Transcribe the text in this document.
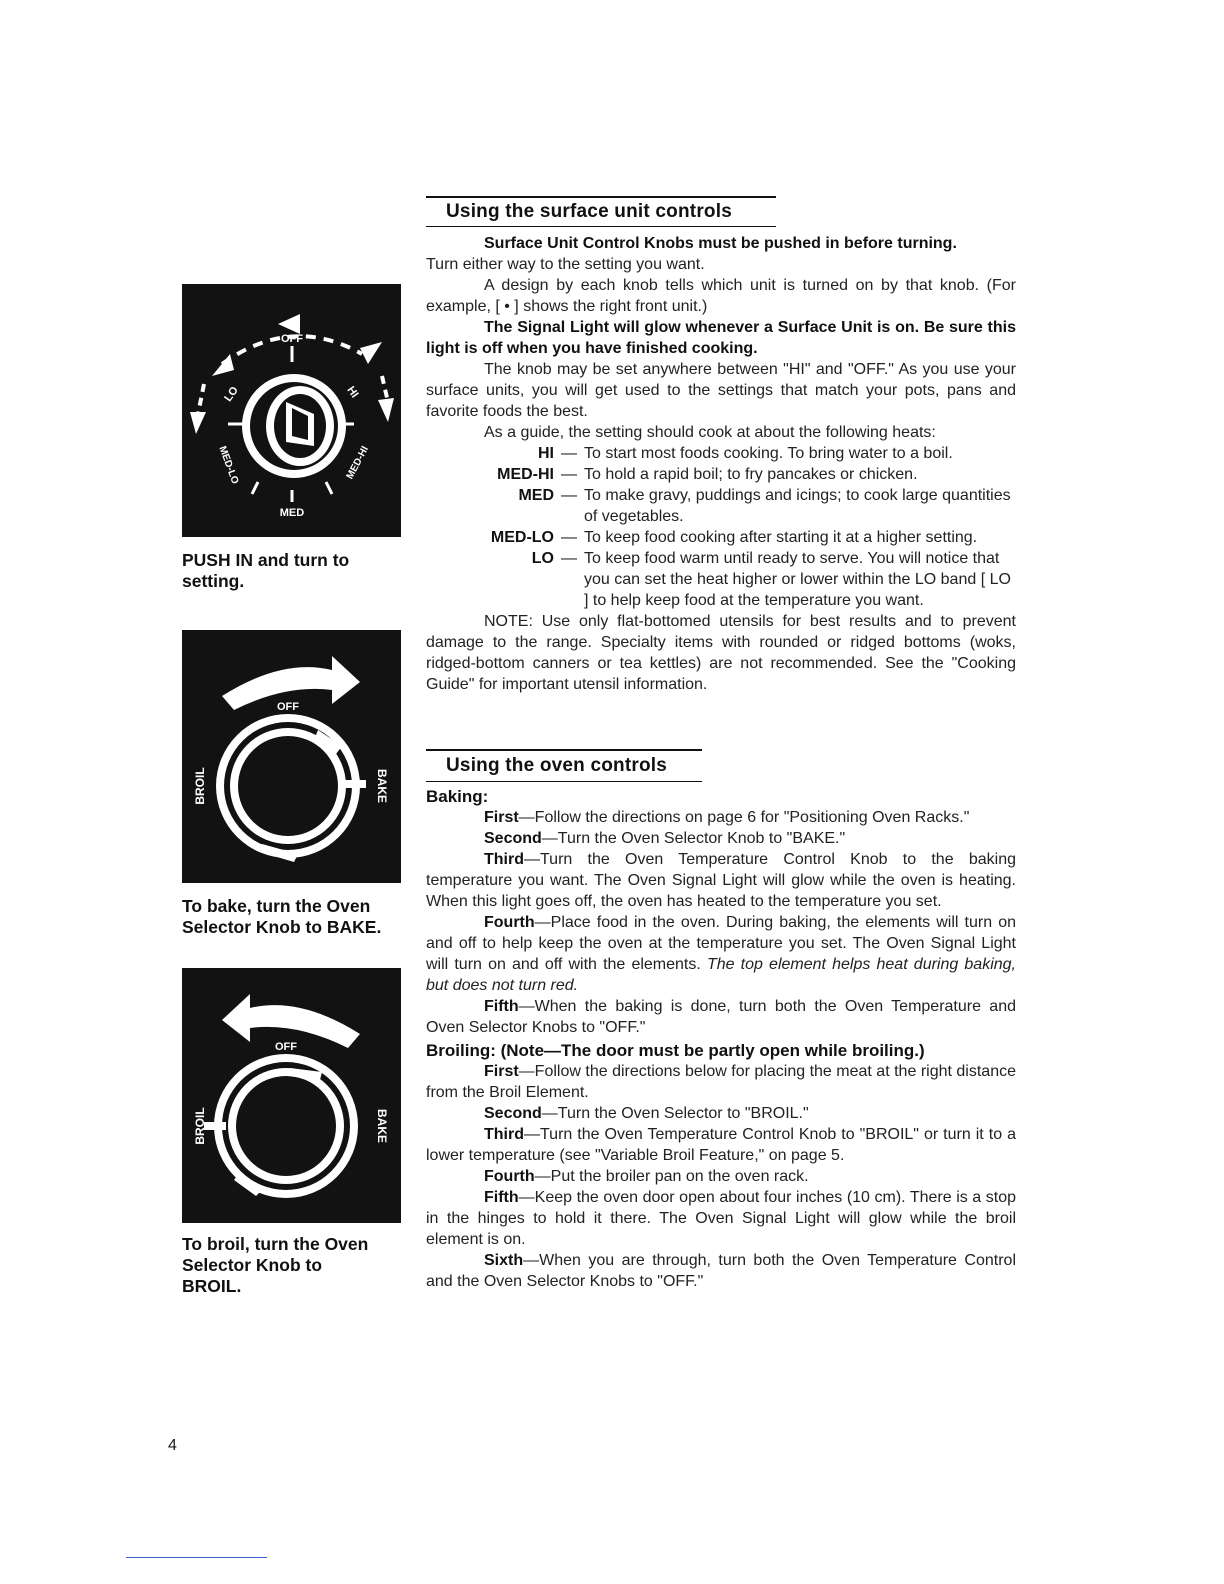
OFF
LO	HI
MED-LO	MED-HI
MED
PUSH IN and turn to
setting.
OFF
BROIL	BAKE
To bake, turn the Oven
Selector Knob to BAKE.
OFF
BROIL	BAKE
To broil, turn the Oven
Selector Knob to
BROIL.
Using the surface unit controls

Surface Unit Control Knobs must be pushed in before turning.

Turn either way to the setting you want.

A design by each knob tells which unit is turned on by that knob. (For example, [ • ] shows the right front unit.)

The Signal Light will glow whenever a Surface Unit is on. Be sure this light is off when you have finished cooking.

The knob may be set anywhere between "HI" and "OFF." As you use your surface units, you will get used to the settings that match your pots, pans and favorite foods the best.

As a guide, the setting should cook at about the following heats:

HI — To start most foods cooking. To bring water to a boil.
MED-HI — To hold a rapid boil; to fry pancakes or chicken.
MED — To make gravy, puddings and icings; to cook large quantities of vegetables.
MED-LO — To keep food cooking after starting it at a higher setting.
LO — To keep food warm until ready to serve. You will notice that you can set the heat higher or lower within the LO band [ LO ] to help keep food at the temperature you want.

NOTE: Use only flat-bottomed utensils for best results and to prevent damage to the range. Specialty items with rounded or ridged bottoms (woks, ridged-bottom canners or tea kettles) are not recommended. See the "Cooking Guide" for important utensil information.

Using the oven controls

Baking:

First—Follow the directions on page 6 for "Positioning Oven Racks."

Second—Turn the Oven Selector Knob to "BAKE."

Third—Turn the Oven Temperature Control Knob to the baking temperature you want. The Oven Signal Light will glow while the oven is heating. When this light goes off, the oven has heated to the temperature you set.

Fourth—Place food in the oven. During baking, the elements will turn on and off to help keep the oven at the temperature you set. The Oven Signal Light will turn on and off with the elements. The top element helps heat during baking, but does not turn red.

Fifth—When the baking is done, turn both the Oven Temperature and Oven Selector Knobs to "OFF."

Broiling: (Note—The door must be partly open while broiling.)

First—Follow the directions below for placing the meat at the right distance from the Broil Element.

Second—Turn the Oven Selector to "BROIL."

Third—Turn the Oven Temperature Control Knob to "BROIL" or turn it to a lower temperature (see "Variable Broil Feature," on page 5.

Fourth—Put the broiler pan on the oven rack.

Fifth—Keep the oven door open about four inches (10 cm). There is a stop in the hinges to hold it there. The Oven Signal Light will glow while the broil element is on.

Sixth—When you are through, turn both the Oven Temperature Control and the Oven Selector Knobs to "OFF."

4
